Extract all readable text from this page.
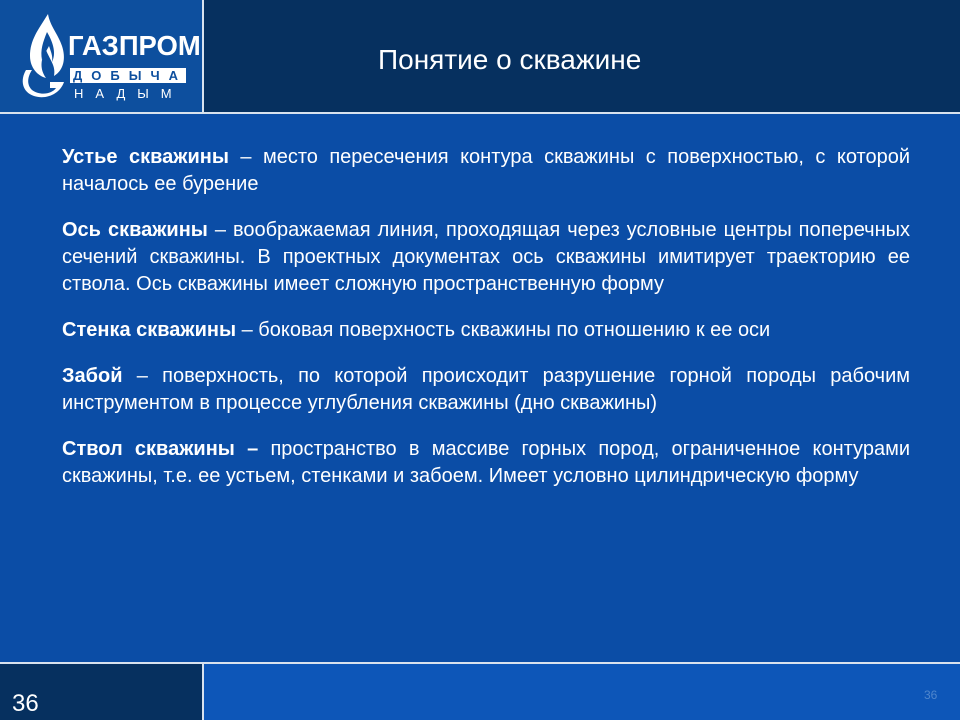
ГАЗПРОМ
ДОБЫЧА
НАДЫМ
Понятие о скважине

Устье скважины – место пересечения контура скважины с поверхностью, с которой началось ее бурение

Ось скважины – воображаемая линия, проходящая через условные центры поперечных сечений скважины. В проектных документах ось скважины имитирует траекторию ее ствола. Ось скважины имеет сложную пространственную форму

Стенка скважины – боковая поверхность скважины по отношению к ее оси

Забой – поверхность, по которой происходит разрушение горной породы рабочим инструментом в процессе углубления скважины (дно скважины)

Ствол скважины – пространство в массиве горных пород, ограниченное контурами скважины, т.е. ее устьем, стенками и забоем. Имеет условно цилиндрическую форму

36	36
